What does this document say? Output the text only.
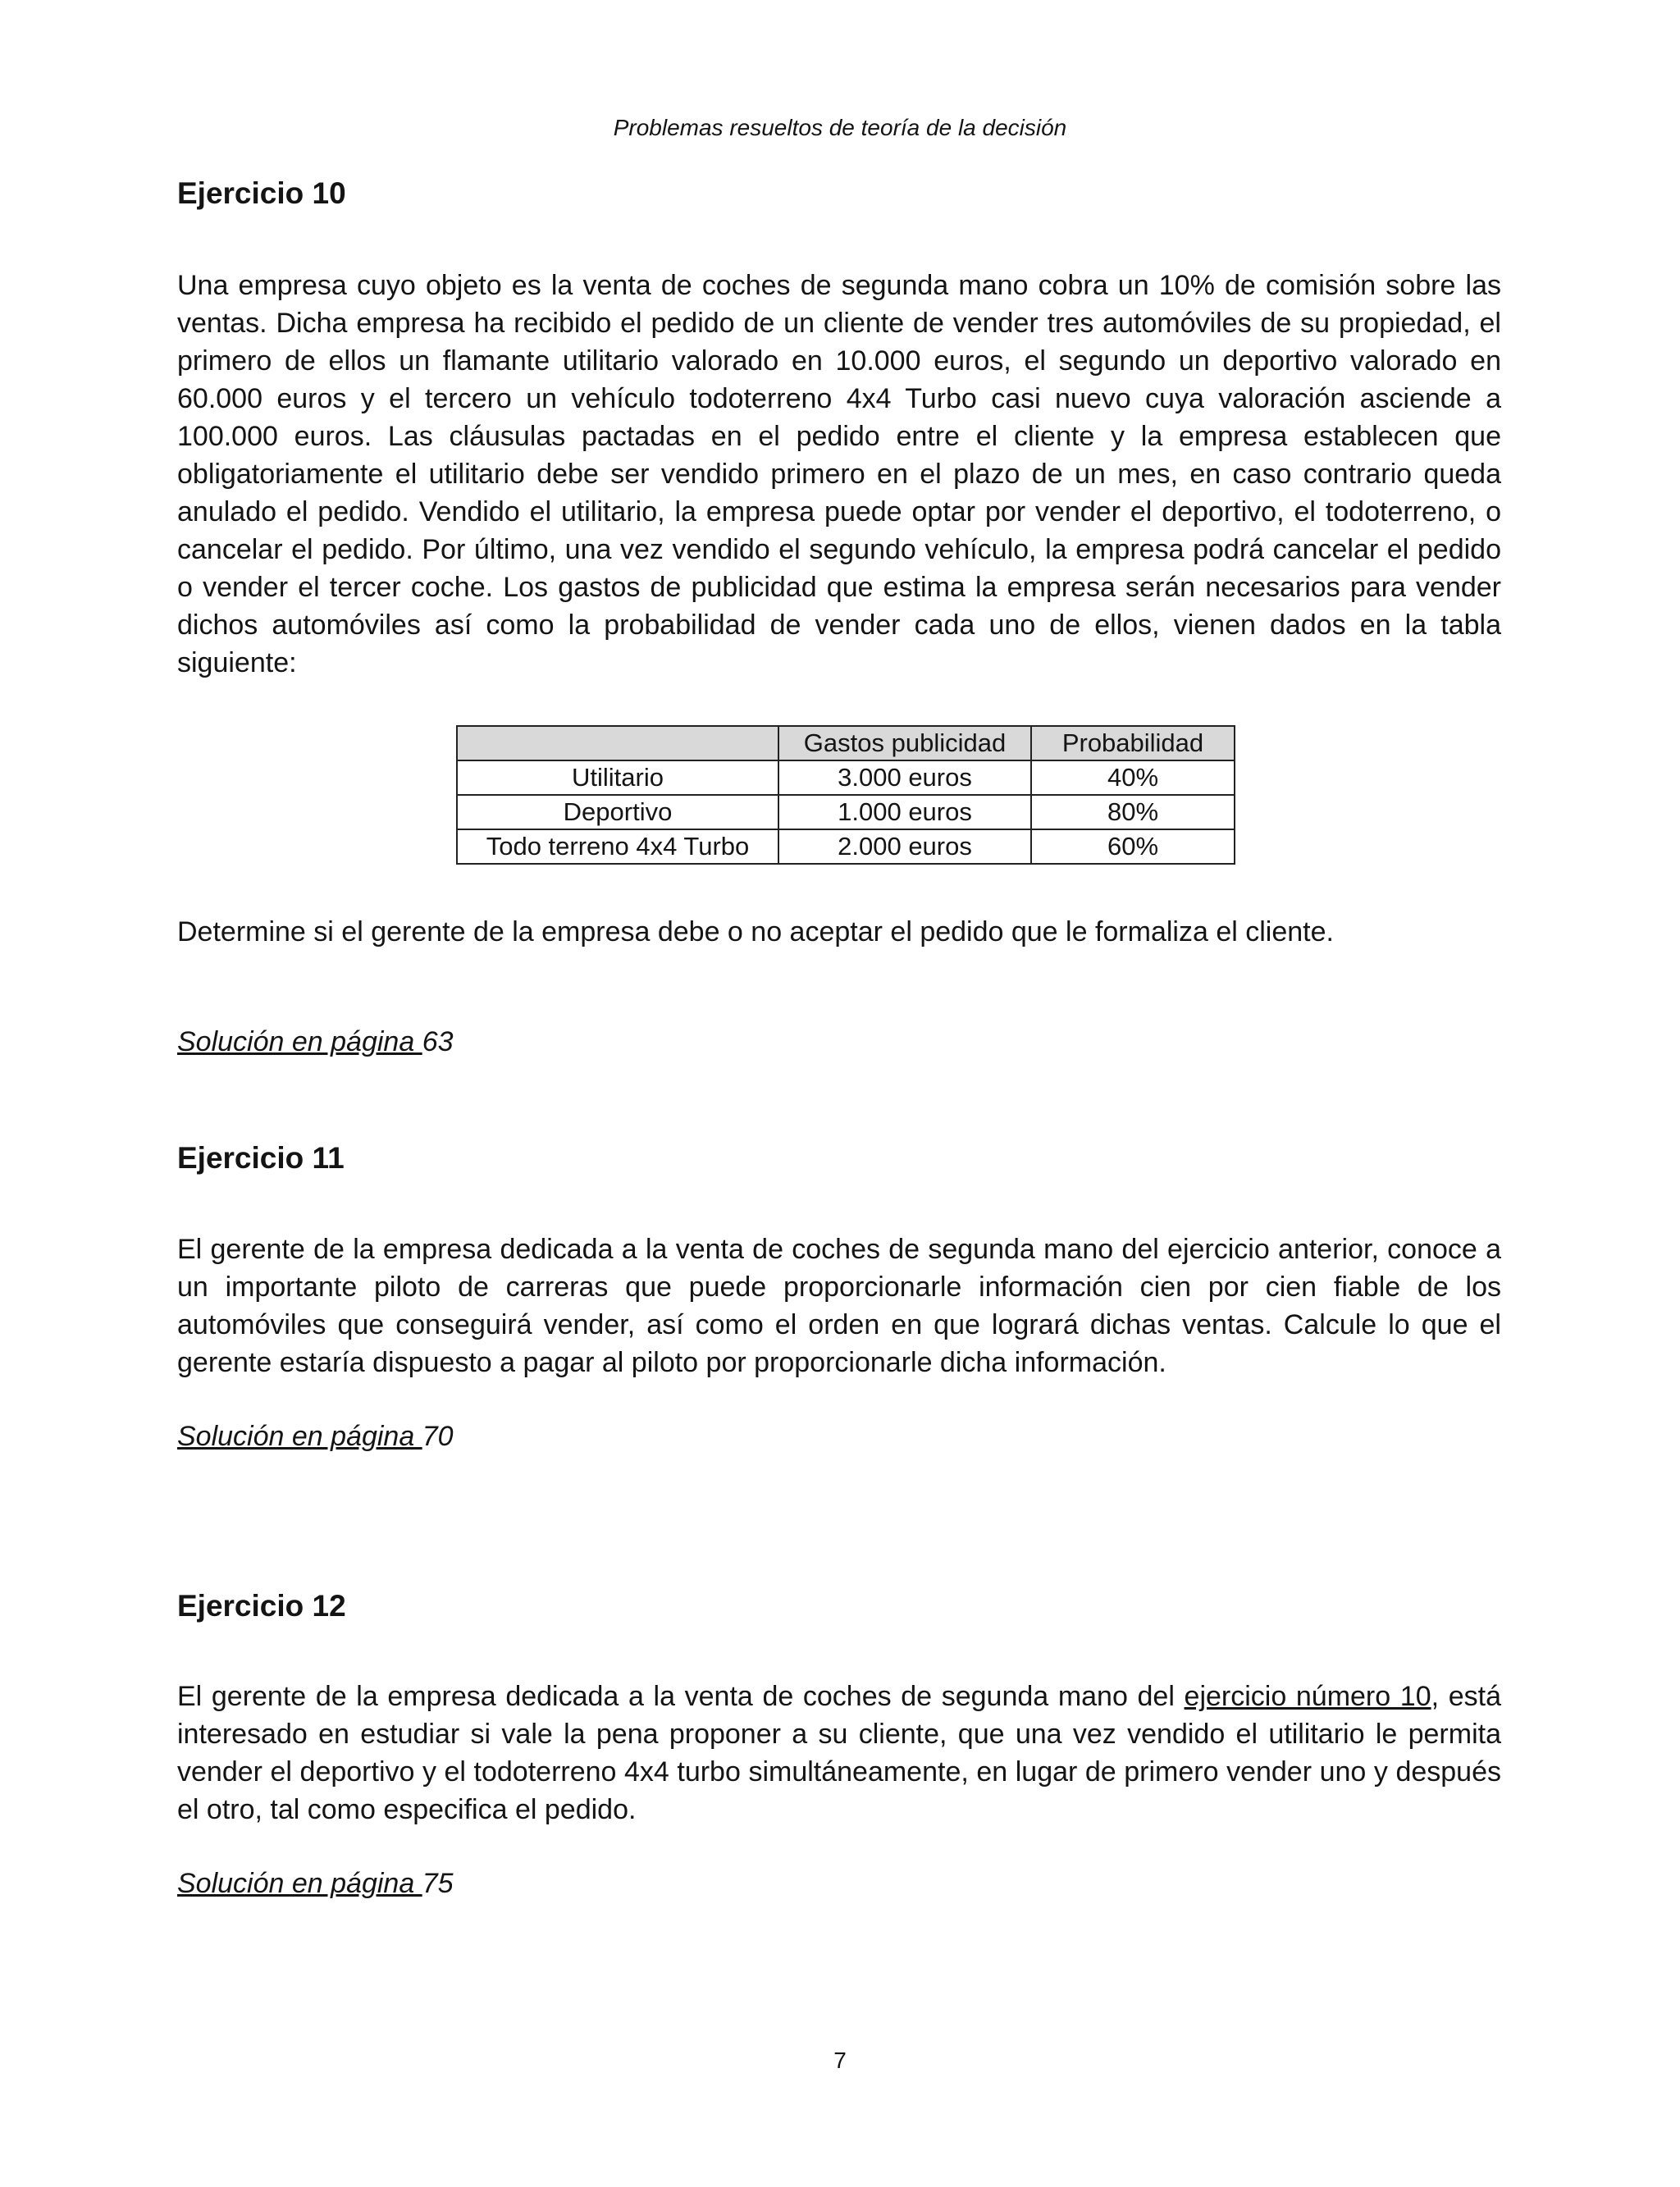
Problemas resueltos de teoría de la decisión
Ejercicio 10

Una empresa cuyo objeto es la venta de coches de segunda mano cobra un 10% de comisión sobre las ventas. Dicha empresa ha recibido el pedido de un cliente de vender tres automóviles de su propiedad, el primero de ellos un flamante utilitario valorado en 10.000 euros, el segundo un deportivo valorado en 60.000 euros y el tercero un vehículo todoterreno 4x4 Turbo casi nuevo cuya valoración asciende a 100.000 euros. Las cláusulas pactadas en el pedido entre el cliente y la empresa establecen que obligatoriamente el utilitario debe ser vendido primero en el plazo de un mes, en caso contrario queda anulado el pedido. Vendido el utilitario, la empresa puede optar por vender el deportivo, el todoterreno, o cancelar el pedido. Por último, una vez vendido el segundo vehículo, la empresa podrá cancelar el pedido o vender el tercer coche. Los gastos de publicidad que estima la empresa serán necesarios para vender dichos automóviles así como la probabilidad de vender cada uno de ellos, vienen dados en la tabla siguiente:

	Gastos publicidad	Probabilidad
Utilitario	3.000 euros	40%
Deportivo	1.000 euros	80%
Todo terreno 4x4 Turbo	2.000 euros	60%

Determine si el gerente de la empresa debe o no aceptar el pedido que le formaliza el cliente.

Solución en página 63

Ejercicio 11

El gerente de la empresa dedicada a la venta de coches de segunda mano del ejercicio anterior, conoce a un importante piloto de carreras que puede proporcionarle información cien por cien fiable de los automóviles que conseguirá vender, así como el orden en que logrará dichas ventas. Calcule lo que el gerente estaría dispuesto a pagar al piloto por proporcionarle dicha información.

Solución en página 70

Ejercicio 12

El gerente de la empresa dedicada a la venta de coches de segunda mano del ejercicio número 10, está interesado en estudiar si vale la pena proponer a su cliente, que una vez vendido el utilitario le permita vender el deportivo y el todoterreno 4x4 turbo simultáneamente, en lugar de primero vender uno y después el otro, tal como especifica el pedido.

Solución en página 75

7
